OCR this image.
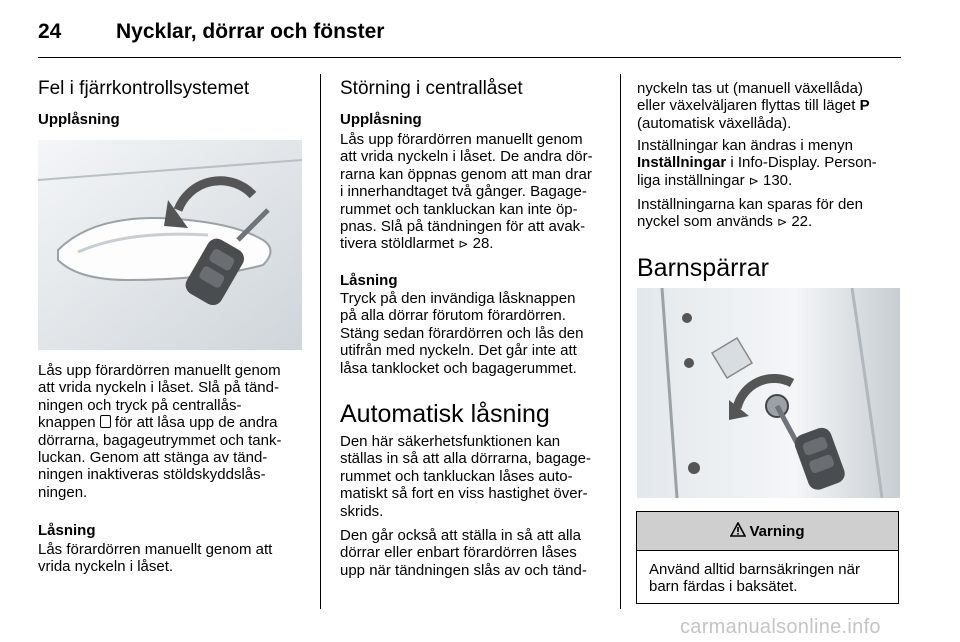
24	Nycklar, dörrar och fönster
Fel i fjärrkontrollsystemet
Upplåsning

Lås upp förardörren manuellt genom

att vrida nyckeln i låset. Slå på tänd-

ningen och tryck på centrallås-

knappen för att låsa upp de andra

dörrarna, bagageutrymmet och tank-

luckan. Genom att stänga av tänd-

ningen inaktiveras stöldskyddslås-

ningen.

Låsning

Lås förardörren manuellt genom att

vrida nyckeln i låset.

Störning i centrallåset
Upplåsning

Lås upp förardörren manuellt genom

att vrida nyckeln i låset. De andra dör-

rarna kan öppnas genom att man drar

i innerhandtaget två gånger. Bagage-

rummet och tankluckan kan inte öp-

pnas. Slå på tändningen för att avak-

tivera stöldlarmet ⊳ 28.

Låsning

Tryck på den invändiga låsknappen

på alla dörrar förutom förardörren.

Stäng sedan förardörren och lås den

utifrån med nyckeln. Det går inte att

låsa tanklocket och bagagerummet.

Automatisk låsning

Den här säkerhetsfunktionen kan

ställas in så att alla dörrarna, bagage-

rummet och tankluckan låses auto-

matiskt så fort en viss hastighet över-

skrids.

Den går också att ställa in så att alla

dörrar eller enbart förardörren låses

upp när tändningen slås av och tänd-

nyckeln tas ut (manuell växellåda)

eller växelväljaren flyttas till läget P

(automatisk växellåda).

Inställningar kan ändras i menyn

Inställningar i Info-Display. Person-

liga inställningar ⊳ 130.

Inställningarna kan sparas för den

nyckel som används ⊳ 22.

Barnspärrar
Varning
Använd alltid barnsäkringen när
barn färdas i baksätet.
carmanualsonline.info
